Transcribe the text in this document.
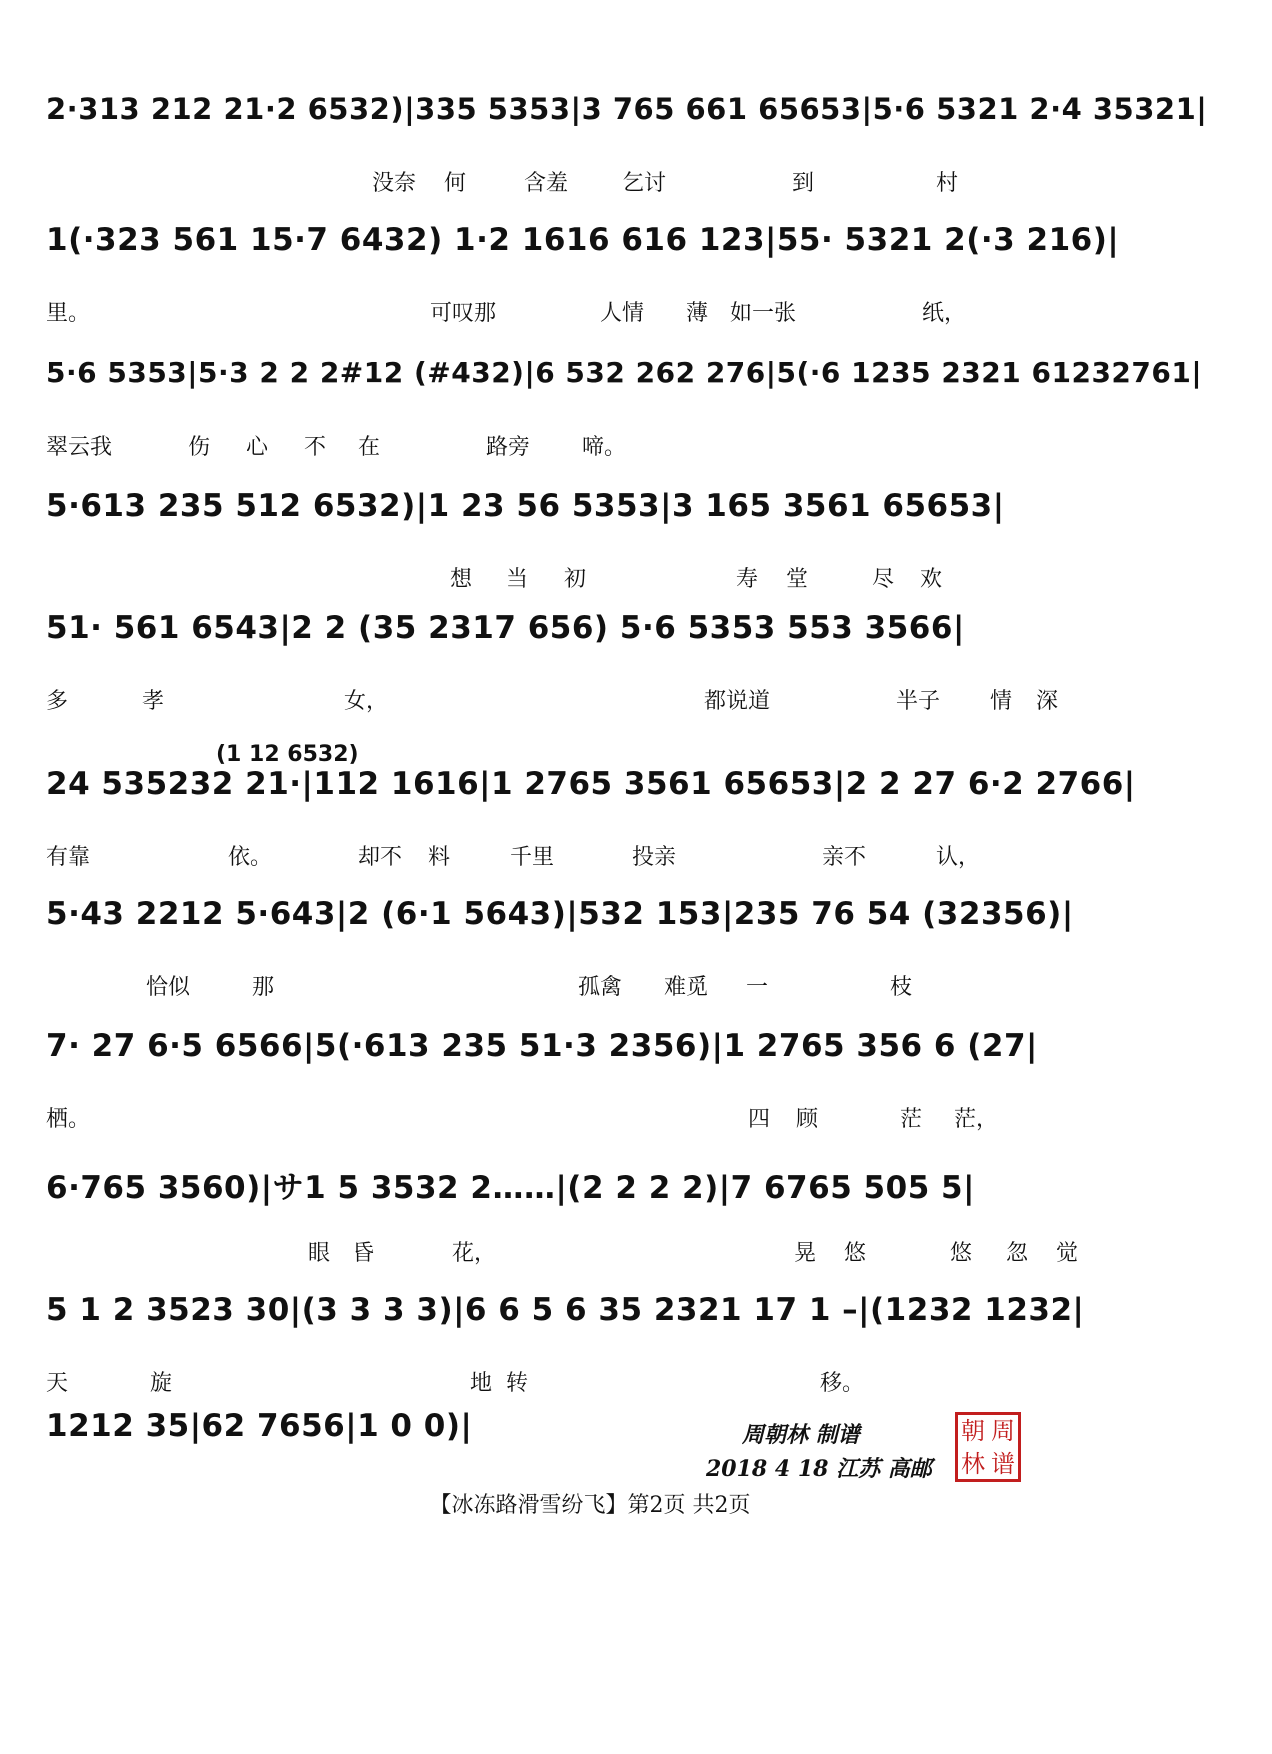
2·313 212 21·2 6532)|335 5353|3 765 661 65653|5·6 5321 2·4 35321|
没奈 何	含羞 乞讨	到	村
1(·323 561 15·7 6432) 1·2 1616 616 123|55· 5321 2(·3 216)|
里。	可叹那	人情 薄 如一张	纸，
5·6 5353|5·3 2 2 2#12 (#432)|6 532 262 276|5(·6 1235 2321 61232761|
翠云我	伤 心 不 在	路旁 啼。
5·613 235 512 6532)|1 23 56 5353|3 165 3561 65653|
想 当 初	寿 堂	尽 欢
51· 561 6543|2 2 (35 2317 656) 5·6 5353 553 3566|
多	孝	女，	都说道	半子 情 深
(1 12 6532)
24 535232 21·|112 1616|1 2765 3561 65653|2 2 27 6·2 2766|
有靠	依。	却不 料	千里	投亲	亲不	认，
5·43 2212 5·643|2 (6·1 5643)|532 153|235 76 54 (32356)|
恰似	那	孤禽 难觅 一	枝
7· 27 6·5 6566|5(·613 235 51·3 2356)|1 2765 356 6 (27|
栖。	四 顾	茫 茫，
6·765 3560)|サ1 5 3532 2……|(2 2 2 2)|7 6765 505 5|
眼 昏	花，	晃 悠	悠 忽 觉
5 1 2 3523 30|(3 3 3 3)|6 6 5 6 35 2321 17 1 –|(1232 1232|
天	旋	地 转	移。
1212 35|62 7656|1 0 0)|	周朝林 制谱
2018 4 18 江苏 高邮
朝 周
林 谱
【冰冻路滑雪纷飞】第2页 共2页
